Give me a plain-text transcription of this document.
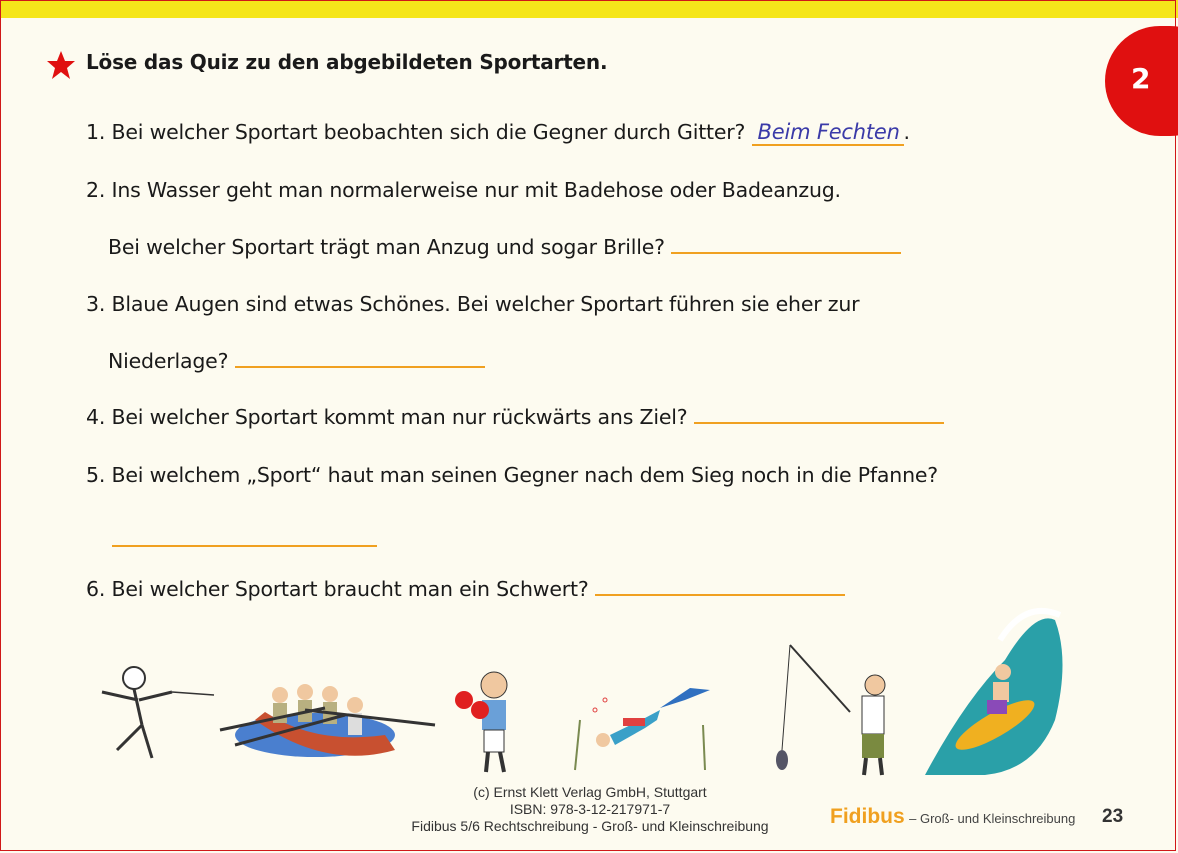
2
Löse das Quiz zu den abgebildeten Sportarten.
1. Bei welcher Sportart beobachten sich die Gegner durch Gitter? Beim Fechten .
2. Ins Wasser geht man normalerweise nur mit Badehose oder Badeanzug.
Bei welcher Sportart trägt man Anzug und sogar Brille?
3. Blaue Augen sind etwas Schönes. Bei welcher Sportart führen sie eher zur
Niederlage?
4. Bei welcher Sportart kommt man nur rückwärts ans Ziel?
5. Bei welchem „Sport“ haut man seinen Gegner nach dem Sieg noch in die Pfanne?
6. Bei welcher Sportart braucht man ein Schwert?
(c) Ernst Klett Verlag GmbH, Stuttgart
ISBN: 978-3-12-217971-7
Fidibus 5/6 Rechtschreibung - Groß- und Kleinschreibung	Fidibus – Groß- und Kleinschreibung 23
